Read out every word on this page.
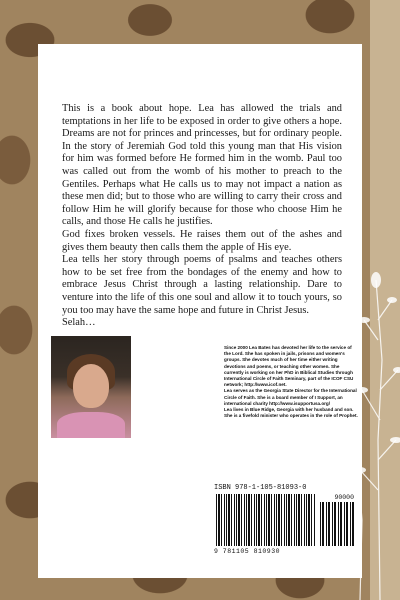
This is a book about hope. Lea has allowed the trials and temptations in her life to be exposed in order to give others a hope. Dreams are not for princes and princesses, but for ordinary people. In the story of Jeremiah God told this young man that His vision for him was formed before He formed him in the womb. Paul too was called out from the womb of his mother to preach to the Gentiles. Perhaps what He calls us to may not impact a nation as these men did; but to those who are willing to carry their cross and follow Him he will glorify because for those who choose Him he calls, and those He calls he justifies.

God fixes broken vessels. He raises them out of the ashes and gives them beauty then calls them the apple of His eye.

Lea tells her story through poems of psalms and teaches others how to be set free from the bondages of the enemy and how to embrace Jesus Christ through a lasting relationship. Dare to venture into the life of this one soul and allow it to touch yours, so you too may have the same hope and future in Christ Jesus.

Selah…

Since 2000 Lea Bates has devoted her life to the service of the Lord. She has spoken in jails, prisons and women's groups. She devotes much of her time either writing devotions and poems, or teaching other women. She currently is working on her PhD in Biblical Studies through International Circle of Faith Seminary, part of the ICOF CSU network; http://www.icof.net.

Lea serves as the Georgia State Director for the International Circle of Faith. She is a board member of I Support, an international charity http://www.isupportusa.org/

Lea lives in Blue Ridge, Georgia with her husband and son. She is a fivefold minister who operates in the role of Prophet.

ISBN 978-1-105-81093-0
90000
9 781105 810930
